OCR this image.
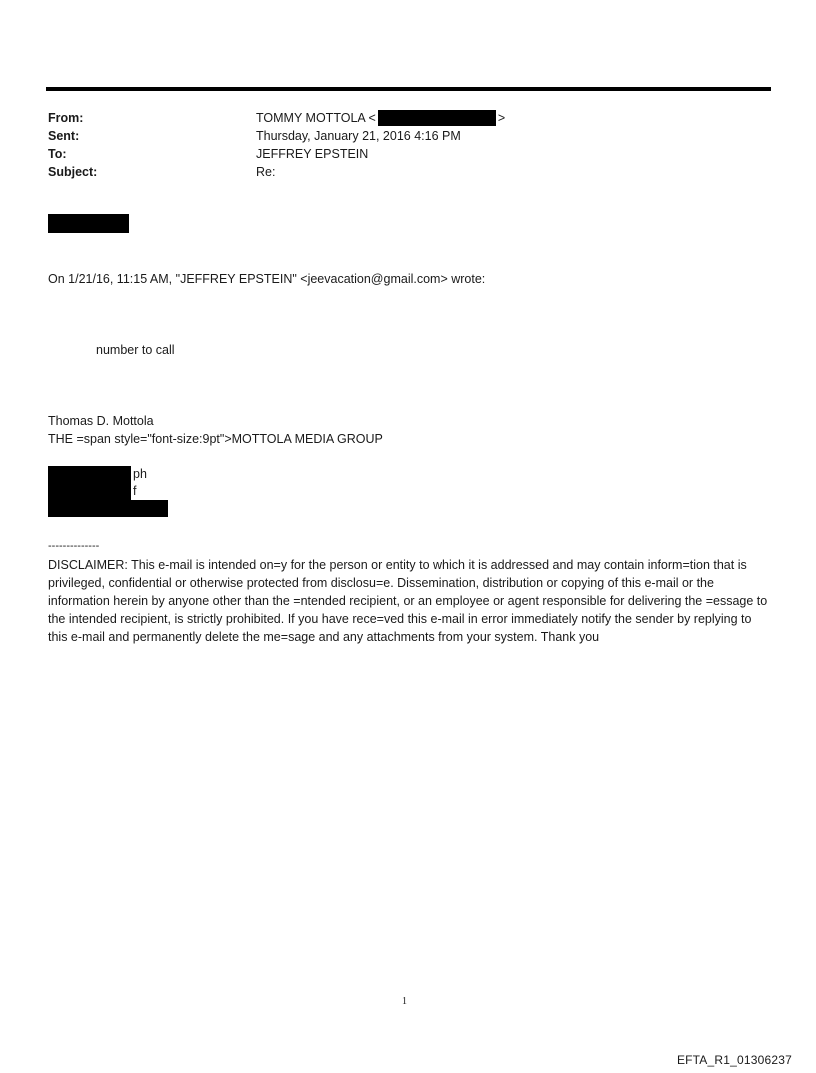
From:	TOMMY MOTTOLA <	>
Sent:	Thursday, January 21, 2016 4:16 PM
To:	JEFFREY EPSTEIN
Subject:	Re:
On 1/21/16, 11:15 AM, "JEFFREY EPSTEIN" <jeevacation@gmail.com> wrote:
number to call
Thomas D. Mottola
THE =span style="font-size:9pt">MOTTOLA MEDIA GROUP
ph
f
--------------
DISCLAIMER: This e-mail is intended on=y for the person or entity to which it is addressed and may contain inform=tion that is privileged, confidential or otherwise protected from disclosu=e. Dissemination, distribution or copying of this e-mail or the information herein by anyone other than the =ntended recipient, or an employee or agent responsible for delivering the =essage to the intended recipient, is strictly prohibited. If you have rece=ved this e-mail in error immediately notify the sender by replying to this e-mail and permanently delete the me=sage and any attachments from your system. Thank you
1
EFTA_R1_01306237
